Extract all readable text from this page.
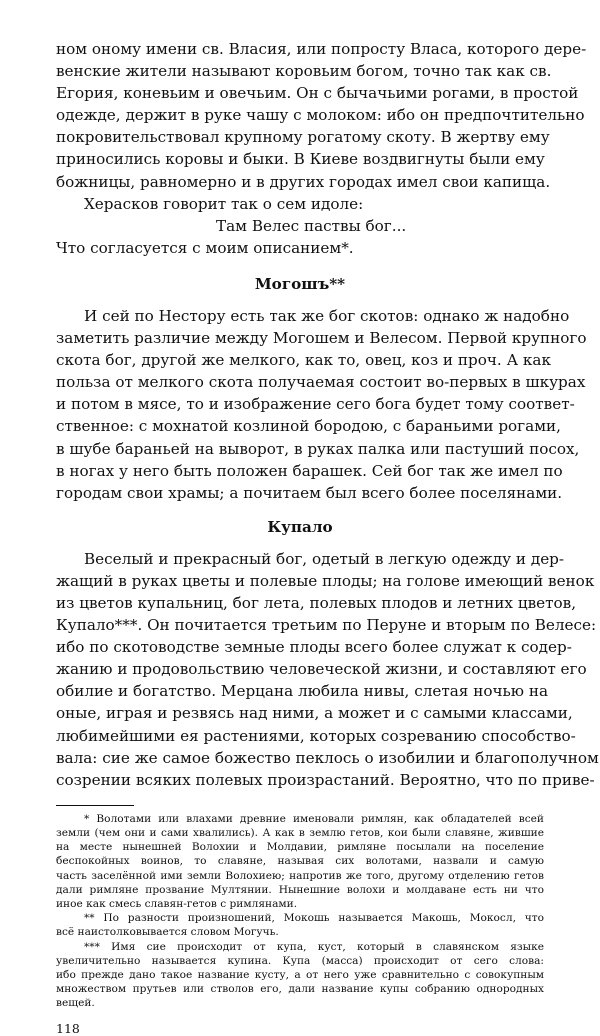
ном оному имени св. Власия, или попросту Власа, которого дере-
венские жители называют коровьим богом, точно так как св.
Егория, коневьим и овечьим. Он с бычачьими рогами, в простой
одежде, держит в руке чашу с молоком: ибо он предпочтительно
покровительствовал крупному рогатому скоту. В жертву ему
приносились коровы и быки. В Киеве воздвигнуты были ему
божницы, равномерно и в других городах имел свои капища.
Херасков говорит так о сем идоле:
Там Велес паствы бог...
Что согласуется с моим описанием*.
Могошъ**
И сей по Нестору есть так же бог скотов: однако ж надобно
заметить различие между Могошем и Велесом. Первой крупного
скота бог, другой же мелкого, как то, овец, коз и проч. А как
польза от мелкого скота получаемая состоит во-первых в шкурах
и потом в мясе, то и изображение сего бога будет тому соответ-
ственное: с мохнатой козлиной бородою, с бараньими рогами,
в шубе бараньей на выворот, в руках палка или пастуший посох,
в ногах у него быть положен барашек. Сей бог так же имел по
городам свои храмы; а почитаем был всего более поселянами.
Купало
Веселый и прекрасный бог, одетый в легкую одежду и дер-
жащий в руках цветы и полевые плоды; на голове имеющий венок
из цветов купальниц, бог лета, полевых плодов и летних цветов,
Купало***. Он почитается третьим по Перуне и вторым по Велесе:
ибо по скотоводстве земные плоды всего более служат к содер-
жанию и продовольствию человеческой жизни, и составляют его
обилие и богатство. Мерцана любила нивы, слетая ночью на
оные, играя и резвясь над ними, а может и с самыми классами,
любимейшими ея растениями, которых созреванию способство-
вала: сие же самое божество пеклось о изобилии и благополучном
созрении всяких полевых произрастаний. Вероятно, что по приве-
* Волотами или влахами древние именовали римлян, как обладателей всей
земли (чем они и сами хвалились). А как в землю гетов, кои были славяне, жившие
на месте нынешней Волохии и Молдавии, римляне посылали на поселение
беспокойных воинов, то славяне, называя сих волотами, назвали и самую
часть заселённой ими земли Волохиею; напротив же того, другому отделению гетов
дали римляне прозвание Мултянии. Нынешние волохи и молдаване есть ни что
иное как смесь славян-гетов с римлянами.
** По разности произношений, Мокошь называется Макошь, Мокосл, что
всё наистолковывается словом Могучь.
*** Имя сие происходит от купа, куст, который в славянском языке
увеличительно называется купина. Купа (масса) происходит от сего слова:
ибо прежде дано такое название кусту, а от него уже сравнительно с совокупным
множеством прутьев или стволов его, дали название купы собранию однородных
вещей.
118
